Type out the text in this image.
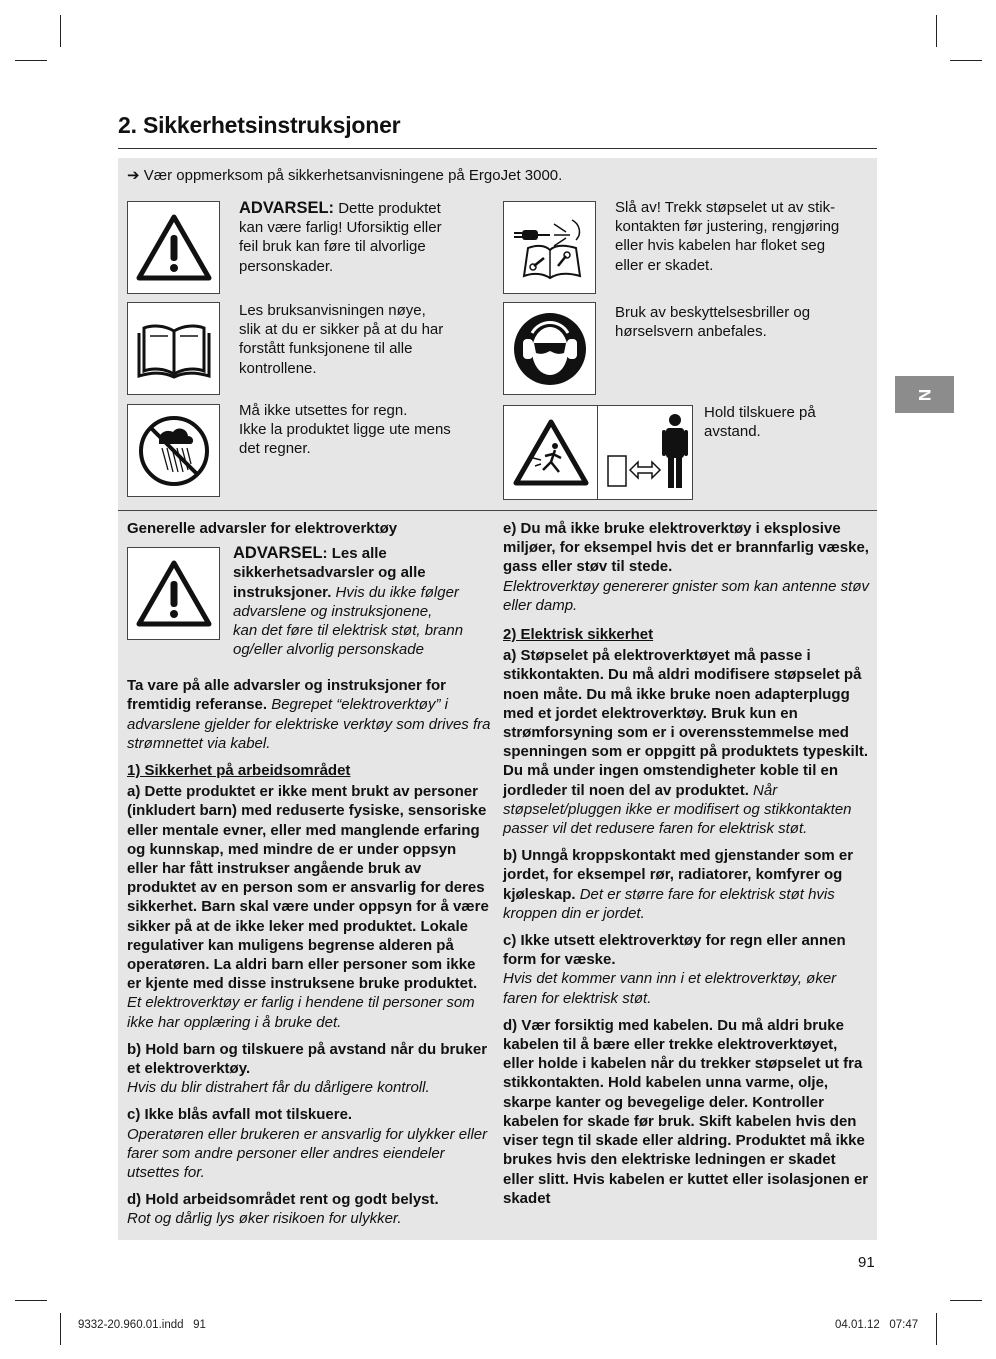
2. Sikkerhetsinstruksjoner
N
➔ Vær oppmerksom på sikkerhetsanvisningene på ErgoJet 3000.
ADVARSEL: Dette produktet
kan være farlig! Uforsiktig eller
feil bruk kan føre til alvorlige
personskader.
Les bruksanvisningen nøye,
slik at du er sikker på at du har
forstått funksjonene til alle
kontrollene.
Må ikke utsettes for regn.
Ikke la produktet ligge ute mens
det regner.
Slå av! Trekk støpselet ut av stik-
kontakten før justering, rengjøring
eller hvis kabelen har floket seg
eller er skadet.
Bruk av beskyttelsesbriller og
hørselsvern anbefales.
Hold tilskuere på
avstand.

Generelle advarsler for elektroverktøy

ADVARSEL: Les alle
sikkerhetsadvarsler og alle
instruksjoner. Hvis du ikke følger
advarslene og instruksjonene,
kan det føre til elektrisk støt, brann
og/eller alvorlig personskade

Ta vare på alle advarsler og instruksjoner for fremtidig referanse. Begrepet “elektroverktøy” i advarslene gjelder for elektriske verktøy som drives fra strømnettet via kabel.

1) Sikkerhet på arbeidsområdet

a) Dette produktet er ikke ment brukt av personer (inkludert barn) med reduserte fysiske, sensoriske eller mentale evner, eller med manglende erfaring og kunnskap, med mindre de er under oppsyn eller har fått instrukser angående bruk av produktet av en person som er ansvarlig for deres sikkerhet. Barn skal være under oppsyn for å være sikker på at de ikke leker med produktet. Lokale regulativer kan muligens begrense alderen på operatøren. La aldri barn eller personer som ikke er kjente med disse instruksene bruke produktet. Et elektroverktøy er farlig i hendene til personer som ikke har opplæring i å bruke det.

b) Hold barn og tilskuere på avstand når du bruker et elektroverktøy.
Hvis du blir distrahert får du dårligere kontroll.

c) Ikke blås avfall mot tilskuere.
Operatøren eller brukeren er ansvarlig for ulykker eller farer som andre personer eller andres eiendeler utsettes for.

d) Hold arbeidsområdet rent og godt belyst.
Rot og dårlig lys øker risikoen for ulykker.

e) Du må ikke bruke elektroverktøy i eksplosive miljøer, for eksempel hvis det er brannfarlig væske, gass eller støv til stede.
Elektroverktøy genererer gnister som kan antenne støv eller damp.

2) Elektrisk sikkerhet

a) Støpselet på elektroverktøyet må passe i stikkontakten. Du må aldri modifisere støpselet på noen måte. Du må ikke bruke noen adapterplugg med et jordet elektroverktøy. Bruk kun en strømforsyning som er i overensstemmelse med spenningen som er oppgitt på produktets typeskilt. Du må under ingen omstendigheter koble til en jordleder til noen del av produktet. Når støpselet/pluggen ikke er modifisert og stikkontakten passer vil det redusere faren for elektrisk støt.

b) Unngå kroppskontakt med gjenstander som er jordet, for eksempel rør, radiatorer, komfyrer og kjøleskap. Det er større fare for elektrisk støt hvis kroppen din er jordet.

c) Ikke utsett elektroverktøy for regn eller annen form for væske.
Hvis det kommer vann inn i et elektroverktøy, øker faren for elektrisk støt.

d) Vær forsiktig med kabelen. Du må aldri bruke kabelen til å bære eller trekke elektroverktøyet, eller holde i kabelen når du trekker støpselet ut fra stikkontakten. Hold kabelen unna varme, olje, skarpe kanter og bevegelige deler. Kontroller kabelen for skade før bruk. Skift kabelen hvis den viser tegn til skade eller aldring. Produktet må ikke brukes hvis den elektriske ledningen er skadet eller slitt. Hvis kabelen er kuttet eller isolasjonen er skadet

91
9332-20.960.01.indd   91	04.01.12   07:47
